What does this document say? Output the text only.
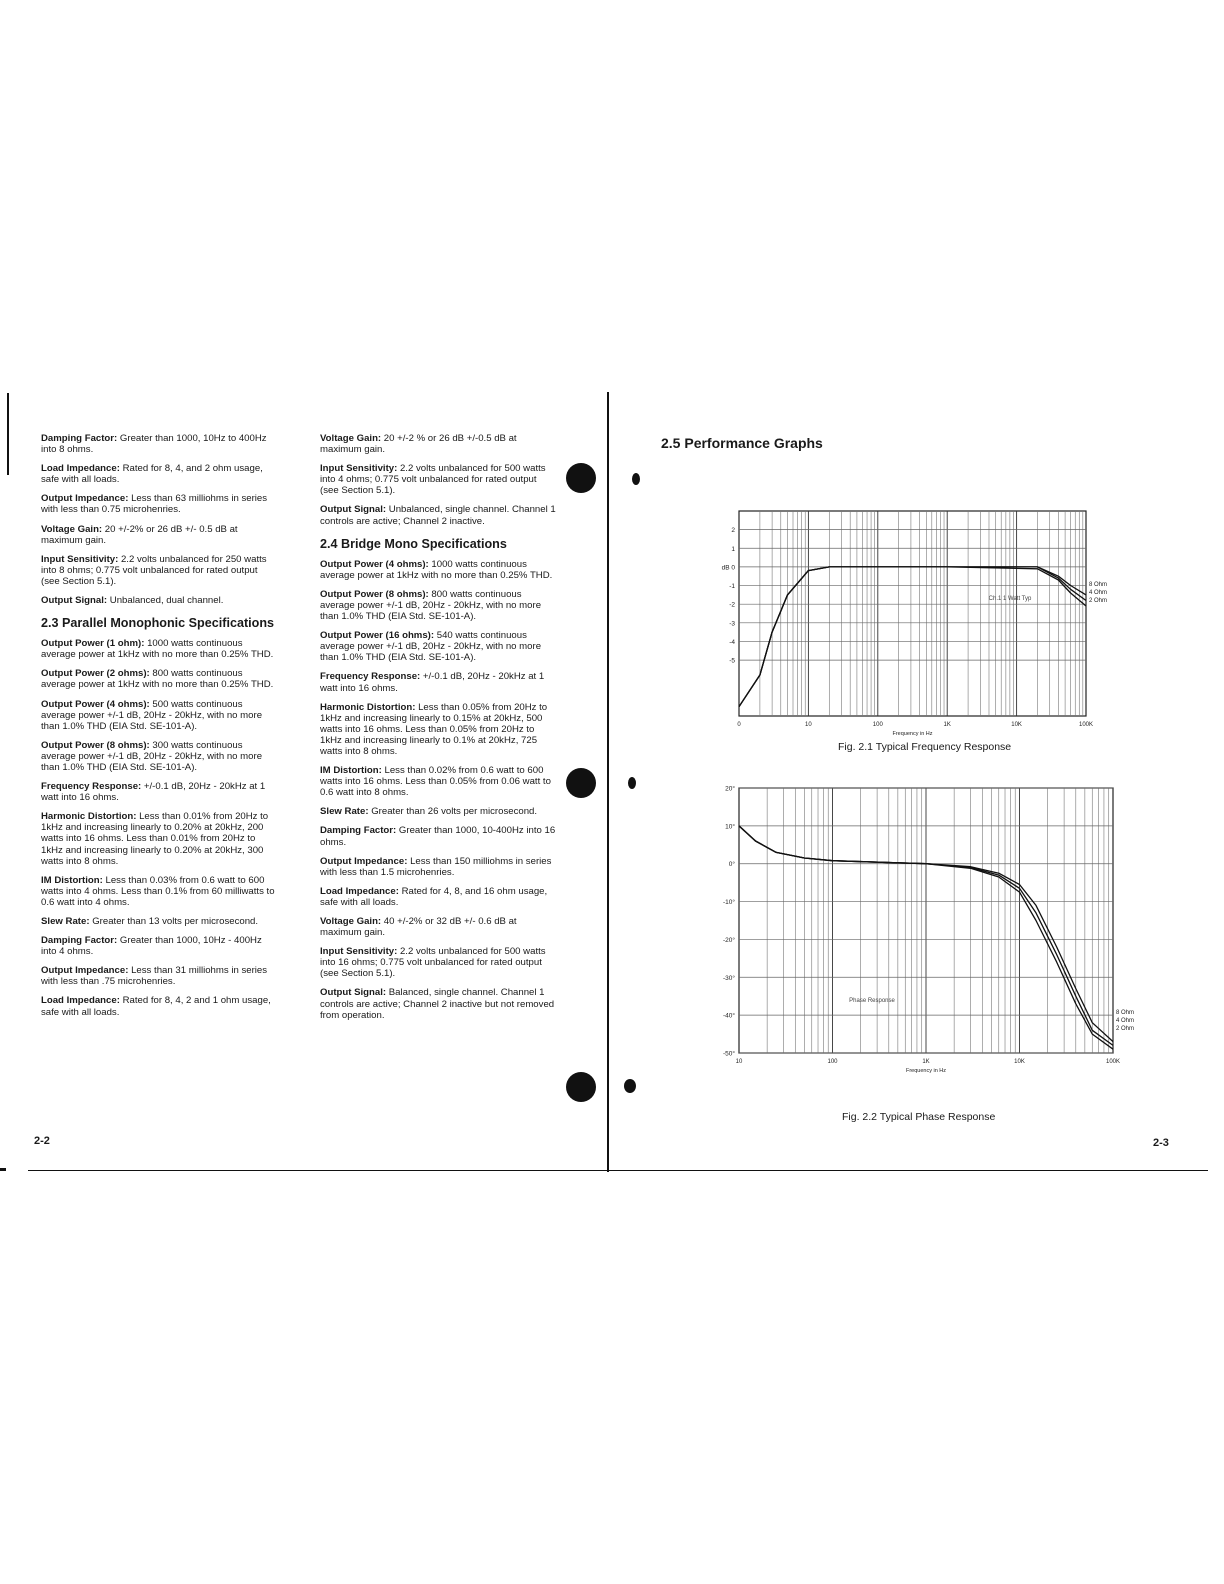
Damping Factor: Greater than 1000, 10Hz to 400Hz into 8 ohms.

Load Impedance: Rated for 8, 4, and 2 ohm usage, safe with all loads.

Output Impedance: Less than 63 milliohms in series with less than 0.75 microhenries.

Voltage Gain: 20 +/-2% or 26 dB +/- 0.5 dB at maximum gain.

Input Sensitivity: 2.2 volts unbalanced for 250 watts into 8 ohms; 0.775 volt unbalanced for rated output (see Section 5.1).

Output Signal: Unbalanced, dual channel.

2.3 Parallel Monophonic Specifications

Output Power (1 ohm): 1000 watts continuous average power at 1kHz with no more than 0.25% THD.

Output Power (2 ohms): 800 watts continuous average power at 1kHz with no more than 0.25% THD.

Output Power (4 ohms): 500 watts continuous average power +/-1 dB, 20Hz - 20kHz, with no more than 1.0% THD (EIA Std. SE-101-A).

Output Power (8 ohms): 300 watts continuous average power +/-1 dB, 20Hz - 20kHz, with no more than 1.0% THD (EIA Std. SE-101-A).

Frequency Response: +/-0.1 dB, 20Hz - 20kHz at 1 watt into 16 ohms.

Harmonic Distortion: Less than 0.01% from 20Hz to 1kHz and increasing linearly to 0.20% at 20kHz, 200 watts into 16 ohms. Less than 0.01% from 20Hz to 1kHz and increasing linearly to 0.20% at 20kHz, 300 watts into 8 ohms.

IM Distortion: Less than 0.03% from 0.6 watt to 600 watts into 4 ohms. Less than 0.1% from 60 milliwatts to 0.6 watt into 4 ohms.

Slew Rate: Greater than 13 volts per microsecond.

Damping Factor: Greater than 1000, 10Hz - 400Hz into 4 ohms.

Output Impedance: Less than 31 milliohms in series with less than .75 microhenries.

Load Impedance: Rated for 8, 4, 2 and 1 ohm usage, safe with all loads.

Voltage Gain: 20 +/-2 % or 26 dB +/-0.5 dB at maximum gain.

Input Sensitivity: 2.2 volts unbalanced for 500 watts into 4 ohms; 0.775 volt unbalanced for rated output (see Section 5.1).

Output Signal: Unbalanced, single channel. Channel 1 controls are active; Channel 2 inactive.

2.4 Bridge Mono Specifications

Output Power (4 ohms): 1000 watts continuous average power at 1kHz with no more than 0.25% THD.

Output Power (8 ohms): 800 watts continuous average power +/-1 dB, 20Hz - 20kHz, with no more than 1.0% THD (EIA Std. SE-101-A).

Output Power (16 ohms): 540 watts continuous average power +/-1 dB, 20Hz - 20kHz, with no more than 1.0% THD (EIA Std. SE-101-A).

Frequency Response: +/-0.1 dB, 20Hz - 20kHz at 1 watt into 16 ohms.

Harmonic Distortion: Less than 0.05% from 20Hz to 1kHz and increasing linearly to 0.15% at 20kHz, 500 watts into 16 ohms. Less than 0.05% from 20Hz to 1kHz and increasing linearly to 0.1% at 20kHz, 725 watts into 8 ohms.

IM Distortion: Less than 0.02% from 0.6 watt to 600 watts into 16 ohms. Less than 0.05% from 0.06 watt to 0.6 watt into 8 ohms.

Slew Rate: Greater than 26 volts per microsecond.

Damping Factor: Greater than 1000, 10-400Hz into 16 ohms.

Output Impedance: Less than 150 milliohms in series with less than 1.5 microhenries.

Load Impedance: Rated for 4, 8, and 16 ohm usage, safe with all loads.

Voltage Gain: 40 +/-2% or 32 dB +/- 0.6 dB at maximum gain.

Input Sensitivity: 2.2 volts unbalanced for 500 watts into 16 ohms; 0.775 volt unbalanced for rated output (see Section 5.1).

Output Signal: Balanced, single channel. Channel 1 controls are active; Channel 2 inactive but not removed from operation.

2-2	2-3
2.5 Performance Graphs
2
1
dB 0
-1
-2
-3
-4
-5
0	10	100	1K	10K	100K
Frequency in Hz
Ch.1 1 Watt Typ
8 Ohm
4 Ohm
2 Ohm
Fig. 2.1 Typical Frequency Response
20°
10°
0°
-10°
-20°
-30°
-40°
-50°
10	100	1K	10K	100K
Frequency in Hz
Phase Response
8 Ohm
4 Ohm
2 Ohm
Fig. 2.2 Typical Phase Response
